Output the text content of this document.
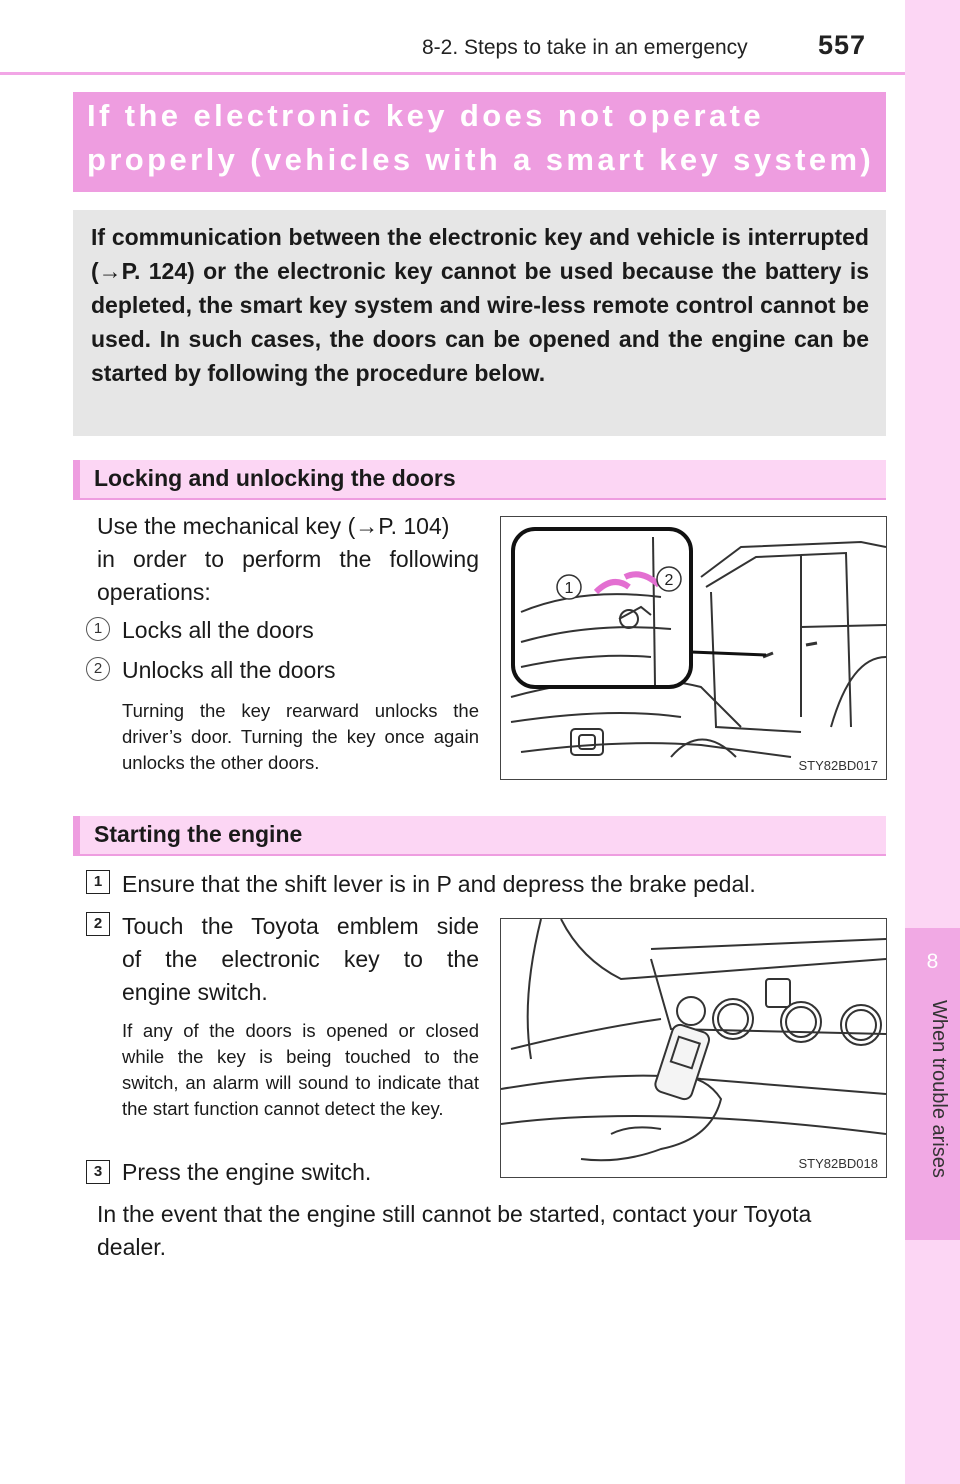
8-2. Steps to take in an emergency	557
8
When trouble arises
If the electronic key does not operate
properly (vehicles with a smart key system)

If communication between the electronic key and vehicle is interrupted (→P. 124) or the electronic key cannot be used because the battery is depleted, the smart key system and wire-less remote control cannot be used. In such cases, the doors can be opened and the engine can be started by following the procedure below.

Locking and unlocking the doors
Use the mechanical key (→P. 104)
in order to perform the following
operations:
1 Locks all the doors
2 Unlocks all the doors
Turning the key rearward unlocks the driver’s door. Turning the key once again unlocks the other doors.
1	2
STY82BD017
Starting the engine
1 Ensure that the shift lever is in P and depress the brake pedal.
2 Touch the Toyota emblem side
of the electronic key to the
engine switch.
If any of the doors is opened or closed while the key is being touched to the switch, an alarm will sound to indicate that the start function cannot detect the key.
3 Press the engine switch.	STY82BD018
In the event that the engine still cannot be started, contact your Toyota
dealer.
